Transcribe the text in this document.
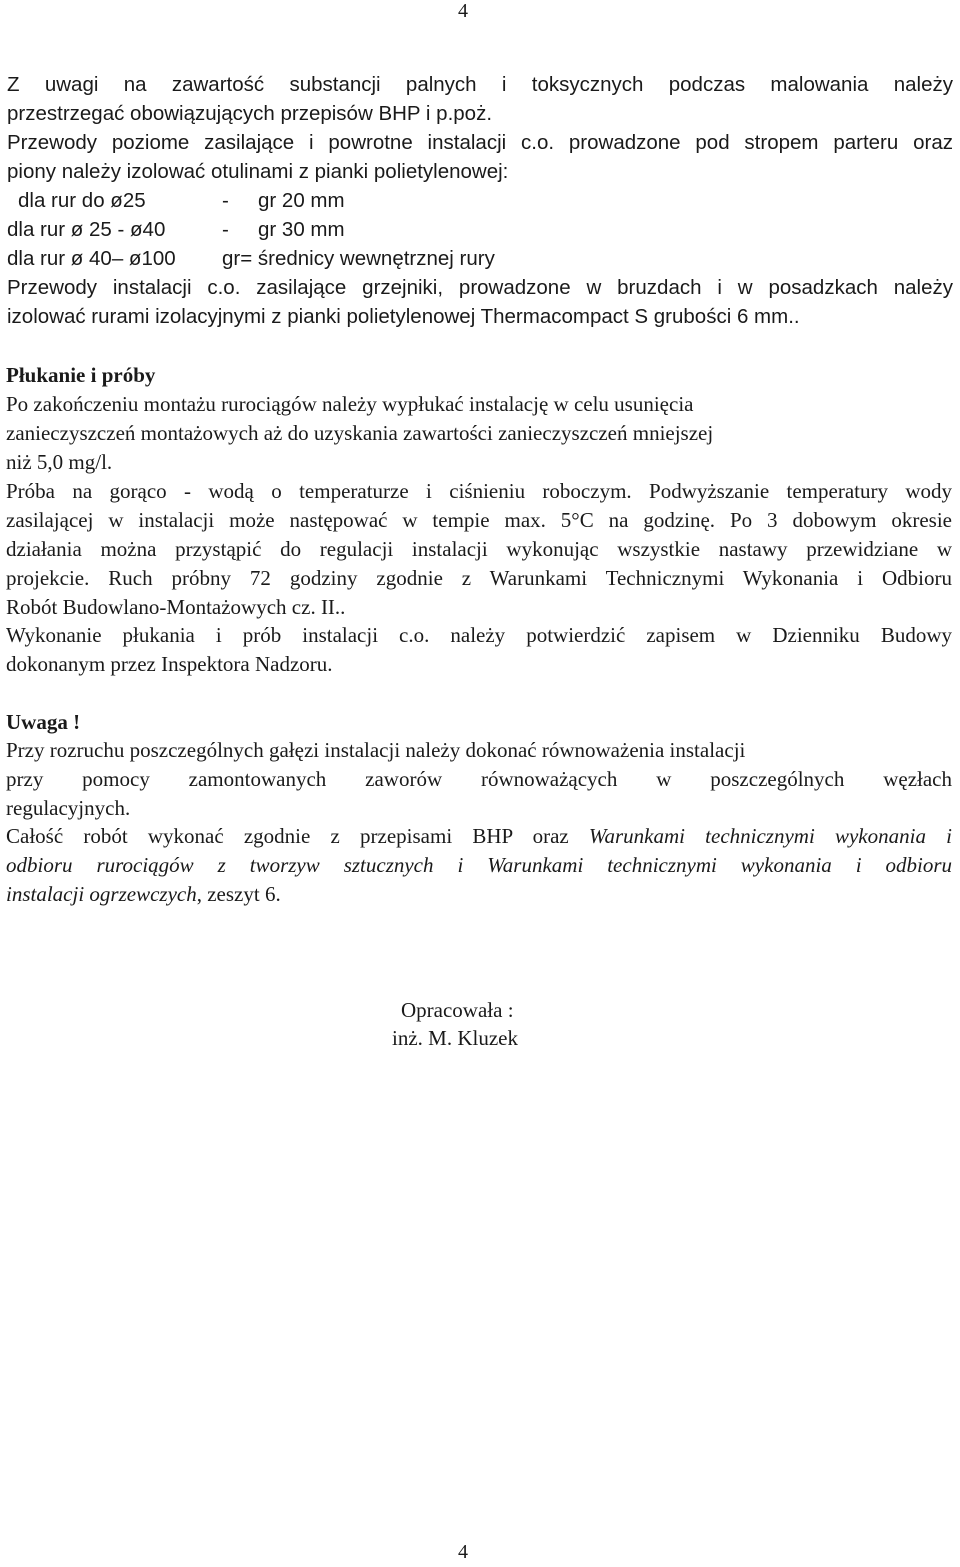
4
Z uwagi na zawartość substancji palnych i toksycznych podczas malowania należy
przestrzegać obowiązujących przepisów BHP i p.poż.
Przewody poziome zasilające i powrotne instalacji c.o. prowadzone pod stropem parteru oraz
piony należy izolować otulinami z pianki polietylenowej:
dla rur do ø25	- gr 20 mm
dla rur ø 25 - ø40	- gr 30 mm
dla rur ø 40– ø100 gr= średnicy wewnętrznej rury
Przewody instalacji c.o. zasilające grzejniki, prowadzone w bruzdach i w posadzkach należy
izolować rurami izolacyjnymi z pianki polietylenowej Thermacompact S grubości 6 mm..
Płukanie i próby
Po zakończeniu montażu rurociągów należy wypłukać instalację w celu usunięcia
zanieczyszczeń montażowych aż do uzyskania zawartości zanieczyszczeń mniejszej
niż 5,0 mg/l.
Próba na gorąco - wodą o temperaturze i ciśnieniu roboczym. Podwyższanie temperatury wody
zasilającej w instalacji może następować w tempie max. 5°C na godzinę. Po 3 dobowym okresie
działania można przystąpić do regulacji instalacji wykonując wszystkie nastawy przewidziane w
projekcie. Ruch próbny 72 godziny zgodnie z Warunkami Technicznymi Wykonania i Odbioru
Robót Budowlano-Montażowych cz. II..
Wykonanie płukania i prób instalacji c.o. należy potwierdzić zapisem w Dzienniku Budowy
dokonanym przez Inspektora Nadzoru.
Uwaga !
Przy rozruchu poszczególnych gałęzi instalacji należy dokonać równoważenia instalacji
przy pomocy zamontowanych zaworów równoważących w poszczególnych węzłach
regulacyjnych.
Całość robót wykonać zgodnie z przepisami BHP oraz Warunkami technicznymi wykonania i
odbioru rurociągów z tworzyw sztucznych i Warunkami technicznymi wykonania i odbioru
instalacji ogrzewczych, zeszyt 6.
Opracowała :
inż. M. Kluzek
4
